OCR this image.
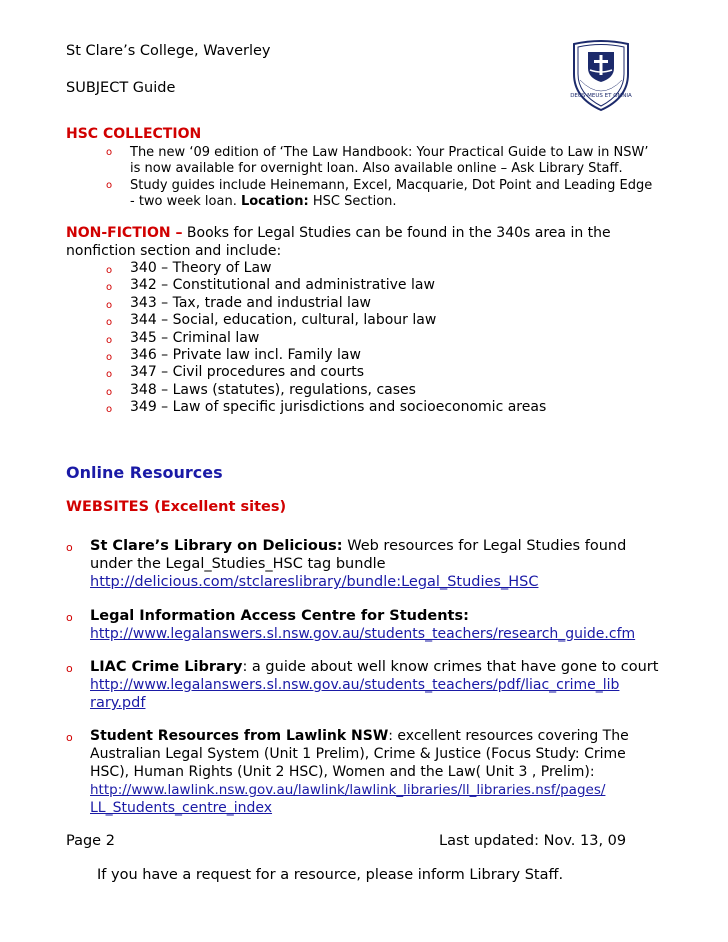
St Clare’s College, Waverley
SUBJECT Guide	DEUS MEUS ET OMNIA
HSC COLLECTION
o The new ‘09 edition of ‘The Law Handbook: Your Practical Guide to Law in NSW’
is now available for overnight loan. Also available online – Ask Library Staff.
o Study guides include Heinemann, Excel, Macquarie, Dot Point and Leading Edge
- two week loan. Location: HSC Section.
NON-FICTION – Books for Legal Studies can be found in the 340s area in the
nonfiction section and include:
o 340 – Theory of Law
o 342 – Constitutional and administrative law
o 343 – Tax, trade and industrial law
o 344 – Social, education, cultural, labour law
o 345 – Criminal law
o 346 – Private law incl. Family law
o 347 – Civil procedures and courts
o 348 – Laws (statutes), regulations, cases
o 349 – Law of specific jurisdictions and socioeconomic areas
Online Resources
WEBSITES (Excellent sites)
o St Clare’s Library on Delicious: Web resources for Legal Studies found
under the Legal_Studies_HSC tag bundle
http://delicious.com/stclareslibrary/bundle:Legal_Studies_HSC
o Legal Information Access Centre for Students:
http://www.legalanswers.sl.nsw.gov.au/students_teachers/research_guide.cfm
o LIAC Crime Library: a guide about well know crimes that have gone to court
http://www.legalanswers.sl.nsw.gov.au/students_teachers/pdf/liac_crime_lib
rary.pdf
o Student Resources from Lawlink NSW: excellent resources covering The
Australian Legal System (Unit 1 Prelim), Crime & Justice (Focus Study: Crime
HSC), Human Rights (Unit 2 HSC), Women and the Law( Unit 3 , Prelim):
http://www.lawlink.nsw.gov.au/lawlink/lawlink_libraries/ll_libraries.nsf/pages/
LL_Students_centre_index
Page 2	Last updated: Nov. 13, 09
If you have a request for a resource, please inform Library Staff.
